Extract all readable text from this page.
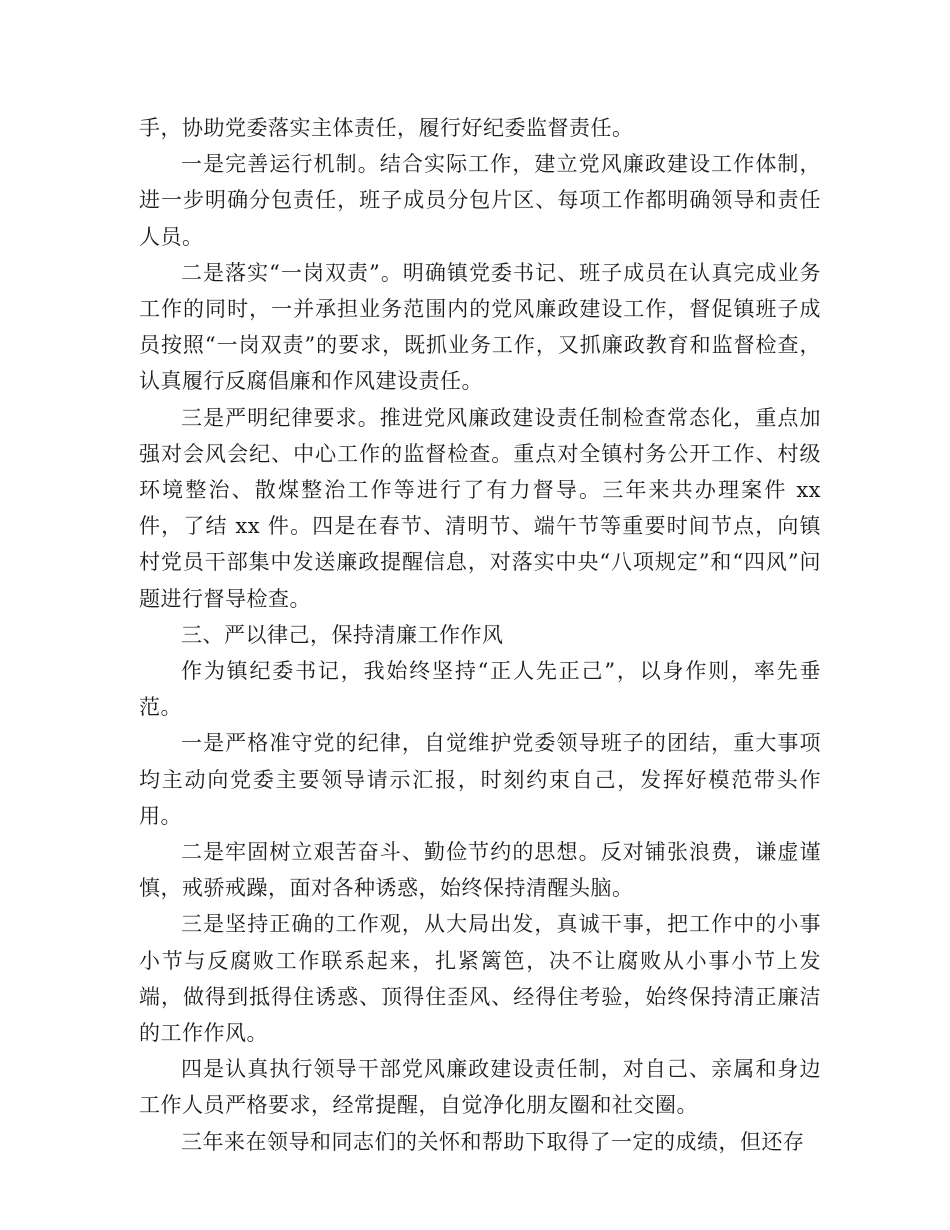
手，协助党委落实主体责任，履行好纪委监督责任。

一是完善运行机制。结合实际工作，建立党风廉政建设工作体制，进一步明确分包责任，班子成员分包片区、每项工作都明确领导和责任人员。

二是落实“一岗双责”。明确镇党委书记、班子成员在认真完成业务工作的同时，一并承担业务范围内的党风廉政建设工作，督促镇班子成员按照“一岗双责”的要求，既抓业务工作，又抓廉政教育和监督检查，认真履行反腐倡廉和作风建设责任。

三是严明纪律要求。推进党风廉政建设责任制检查常态化，重点加强对会风会纪、中心工作的监督检查。重点对全镇村务公开工作、村级环境整治、散煤整治工作等进行了有力督导。三年来共办理案件 xx 件，了结 xx 件。四是在春节、清明节、端午节等重要时间节点，向镇村党员干部集中发送廉政提醒信息，对落实中央“八项规定”和“四风”问题进行督导检查。

三、严以律己，保持清廉工作作风

作为镇纪委书记，我始终坚持“正人先正己”，以身作则，率先垂范。

一是严格准守党的纪律，自觉维护党委领导班子的团结，重大事项均主动向党委主要领导请示汇报，时刻约束自己，发挥好模范带头作用。

二是牢固树立艰苦奋斗、勤俭节约的思想。反对铺张浪费，谦虚谨慎，戒骄戒躁，面对各种诱惑，始终保持清醒头脑。

三是坚持正确的工作观，从大局出发，真诚干事，把工作中的小事小节与反腐败工作联系起来，扎紧篱笆，决不让腐败从小事小节上发端，做得到抵得住诱惑、顶得住歪风、经得住考验，始终保持清正廉洁的工作作风。

四是认真执行领导干部党风廉政建设责任制，对自己、亲属和身边工作人员严格要求，经常提醒，自觉净化朋友圈和社交圈。

三年来在领导和同志们的关怀和帮助下取得了一定的成绩，但还存
